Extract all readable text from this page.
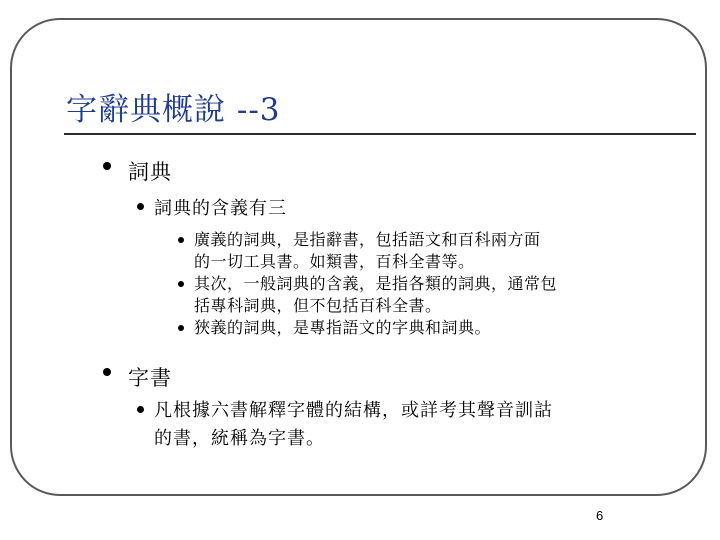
字辭典概說 --3
詞典
詞典的含義有三
廣義的詞典，是指辭書，包括語文和百科兩方面
的一切工具書。如類書，百科全書等。
其次，一般詞典的含義，是指各類的詞典，通常包
括專科詞典，但不包括百科全書。
狹義的詞典，是專指語文的字典和詞典。
字書
凡根據六書解釋字體的結構，或詳考其聲音訓詁
的書，統稱為字書。
6
